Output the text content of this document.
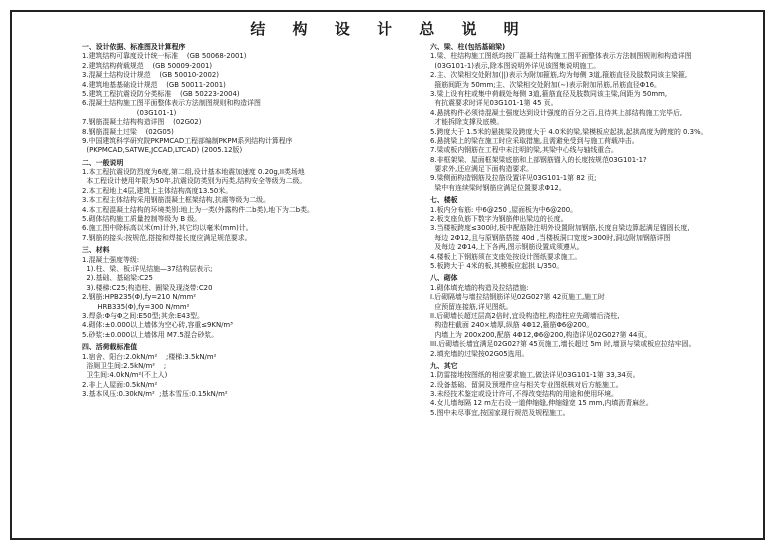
结 构 设 计 总 说 明
一、设计依据、标准图及计算程序
1.建筑结构可靠度设计统一标准    (GB 50068-2001)
2.建筑结构荷载规范    (GB 50009-2001)
3.混凝土结构设计规范    (GB 50010-2002)
4.建筑地基基础设计规范    (GB 50011-2001)
5.建筑工程抗震设防分类标准    (GB 50223-2004)
6.混凝土结构施工图平面整体表示方法制图规则和构造详图
(03G101-1)
7.钢筋混凝土结构构造详图    (02G02)
8.钢筋混凝土过梁    (02G05)
9.中国建筑科学研究院PKPMCAD工程部编制PKPM系列结构计算程序
(PKPMCAD,SATWE,JCCAD,LTCAD) (2005.12版)
二、一般说明
1.本工程抗震设防烈度为6度,第二组,设计基本地震加速度 0.20g,II类场地
本工程设计使用年限为50年,抗震设防类别为丙类,结构安全等级为二级。
2.本工程地上4层,建筑上主体结构高度13.50米。
3.本工程主体结构采用钢筋混凝土框架结构,抗震等级为二级。
4.本工程混凝土结构的环境类别:地上为一类(外露构件二b类),地下为二b类。
5.砌体结构施工质量控制等级为 B 级。
6.施工图中除标高以米(m)计外,其它均以毫米(mm)计。
7.钢筋的接头:按规范,搭接和焊接长度应满足规范要求。
三、材料
1.混凝土强度等级:
1).柱、梁、板:详见结施—37结构层表示;
2).基础、基础梁:C25
3).楼梯:C25;构造柱、圈梁及现浇带:C20
2.钢筋:HPB235(Φ),fy=210 N/mm²
HRB335(Φ),fy=300 N/mm²
3.焊条:Φ与Φ之间:E50型;其余:E43型。
4.砌体:±0.000以上墙体为空心砖,容重≤9KN/m³
5.砂浆:±0.000以上墙体用 M7.5混合砂浆。
四、活荷载标准值
1.宿舍、阳台:2.0kN/m²    ;楼梯:3.5kN/m²
浴厕卫生间:2.5kN/m²    ;
卫生间:4.0kN/m²(不上人)
2.非上人屋面:0.5kN/m²
3.基本风压:0.30kN/m²  ;基本雪压:0.15kN/m²
六、梁、柱(包括基础梁)
1.梁、柱结构施工图纸均按厂混凝土结构施工图平面整体表示方法制图规则和构造详图
(03G101-1)表示,除本图说明外详见该图集说明施工。
2.主、次梁相交处附加(||)表示为附加箍筋,均为每侧 3道,箍筋直径及肢数同该主梁箍,
箍筋间距为 50mm;主、次梁相交处附加(∼)表示附加吊筋,吊筋直径Φ16。
3.梁上设有柱或集中荷载处每侧 3道,箍筋直径及肢数同该主梁,间距为 50mm,
有抗震要求时详见03G101-1第 45 页。
4.悬挑构件必须待混凝土强度达到设计强度的百分之百,且待其上部结构施工完毕后,
才能拆除支撑及底模。
5.跨度大于 1.5米的悬挑梁及跨度大于 4.0米的梁,梁模板应起拱,起拱高度为跨度的 0.3%。
6.悬挑梁上的梁在施工时应采取措施,且需避免受到与施工荷载冲击。
7.梁或板内钢筋在工程中未注明的梁,其梁中心线与轴线重合。
8.非框架梁、屋面框架梁底筋和上部钢筋锚入的长度按规范03G101-1?
要求外,还应满足下面构造要求。
9.梁侧面构造钢筋及拉筋设置详见03G101-1第 82 页;
梁中有连续梁时钢筋应满足位置要求Φ12。
七、楼板
1.板内分布筋: 中6@250 ,屋面板为中6@200。
2.板支座负筋下数字为钢筋伸出梁边的长度。
3.当楼板跨度≤300时,板中配筋除注明外设置附加钢筋,长度自梁边算起满足锚固长度,
每边 2Φ12,且与原钢筋搭接 40d ,当楼板洞口宽度>300时,洞边附加钢筋详图
及每边 2Φ14,上下各两,图示钢筋设置成须遵从。
4.楼板上下钢筋须在支座处按设计图纸要求施工。
5.板跨大于 4米的板,其模板应起拱 L/350。
八、砌体
1.砌体填充墙的构造及拉结措施:
I.后砌隔墙与墙拉结钢筋详见02G02?第 42页施工,施工时
应预留连接筋,详见图纸。
II.后砌墙长超过层高2倍时,宜设构造柱,构造柱应先砌墙后浇柱,
构造柱截面 240×墙厚,纵筋 4Φ12,箍筋Φ6@200。
内墙上为 200x200,配筋 4Φ12,Φ6@200,构造详见02G02?第 44页。
III.后砌墙长墙宜满足02G02?第 45页施工,墙长超过 5m 时,墙顶与梁或板应拉结牢固。
2.填充墙的过梁按02G05选用。
九、其它
1.防雷接地按图纸的相应要求施工,做法详见03G101-1第 33,34页。
2.设备基础、留洞及预埋件应与相关专业图纸核对后方能施工。
3.未经技术鉴定或设计许可,不得改变结构的用途和使用环境。
4.女儿墙每隔 12 m左右设一道伸缩缝,伸缩缝宽 15 mm,内填沥青麻丝。
5.图中未尽事宜,按国家现行规范及规程施工。
